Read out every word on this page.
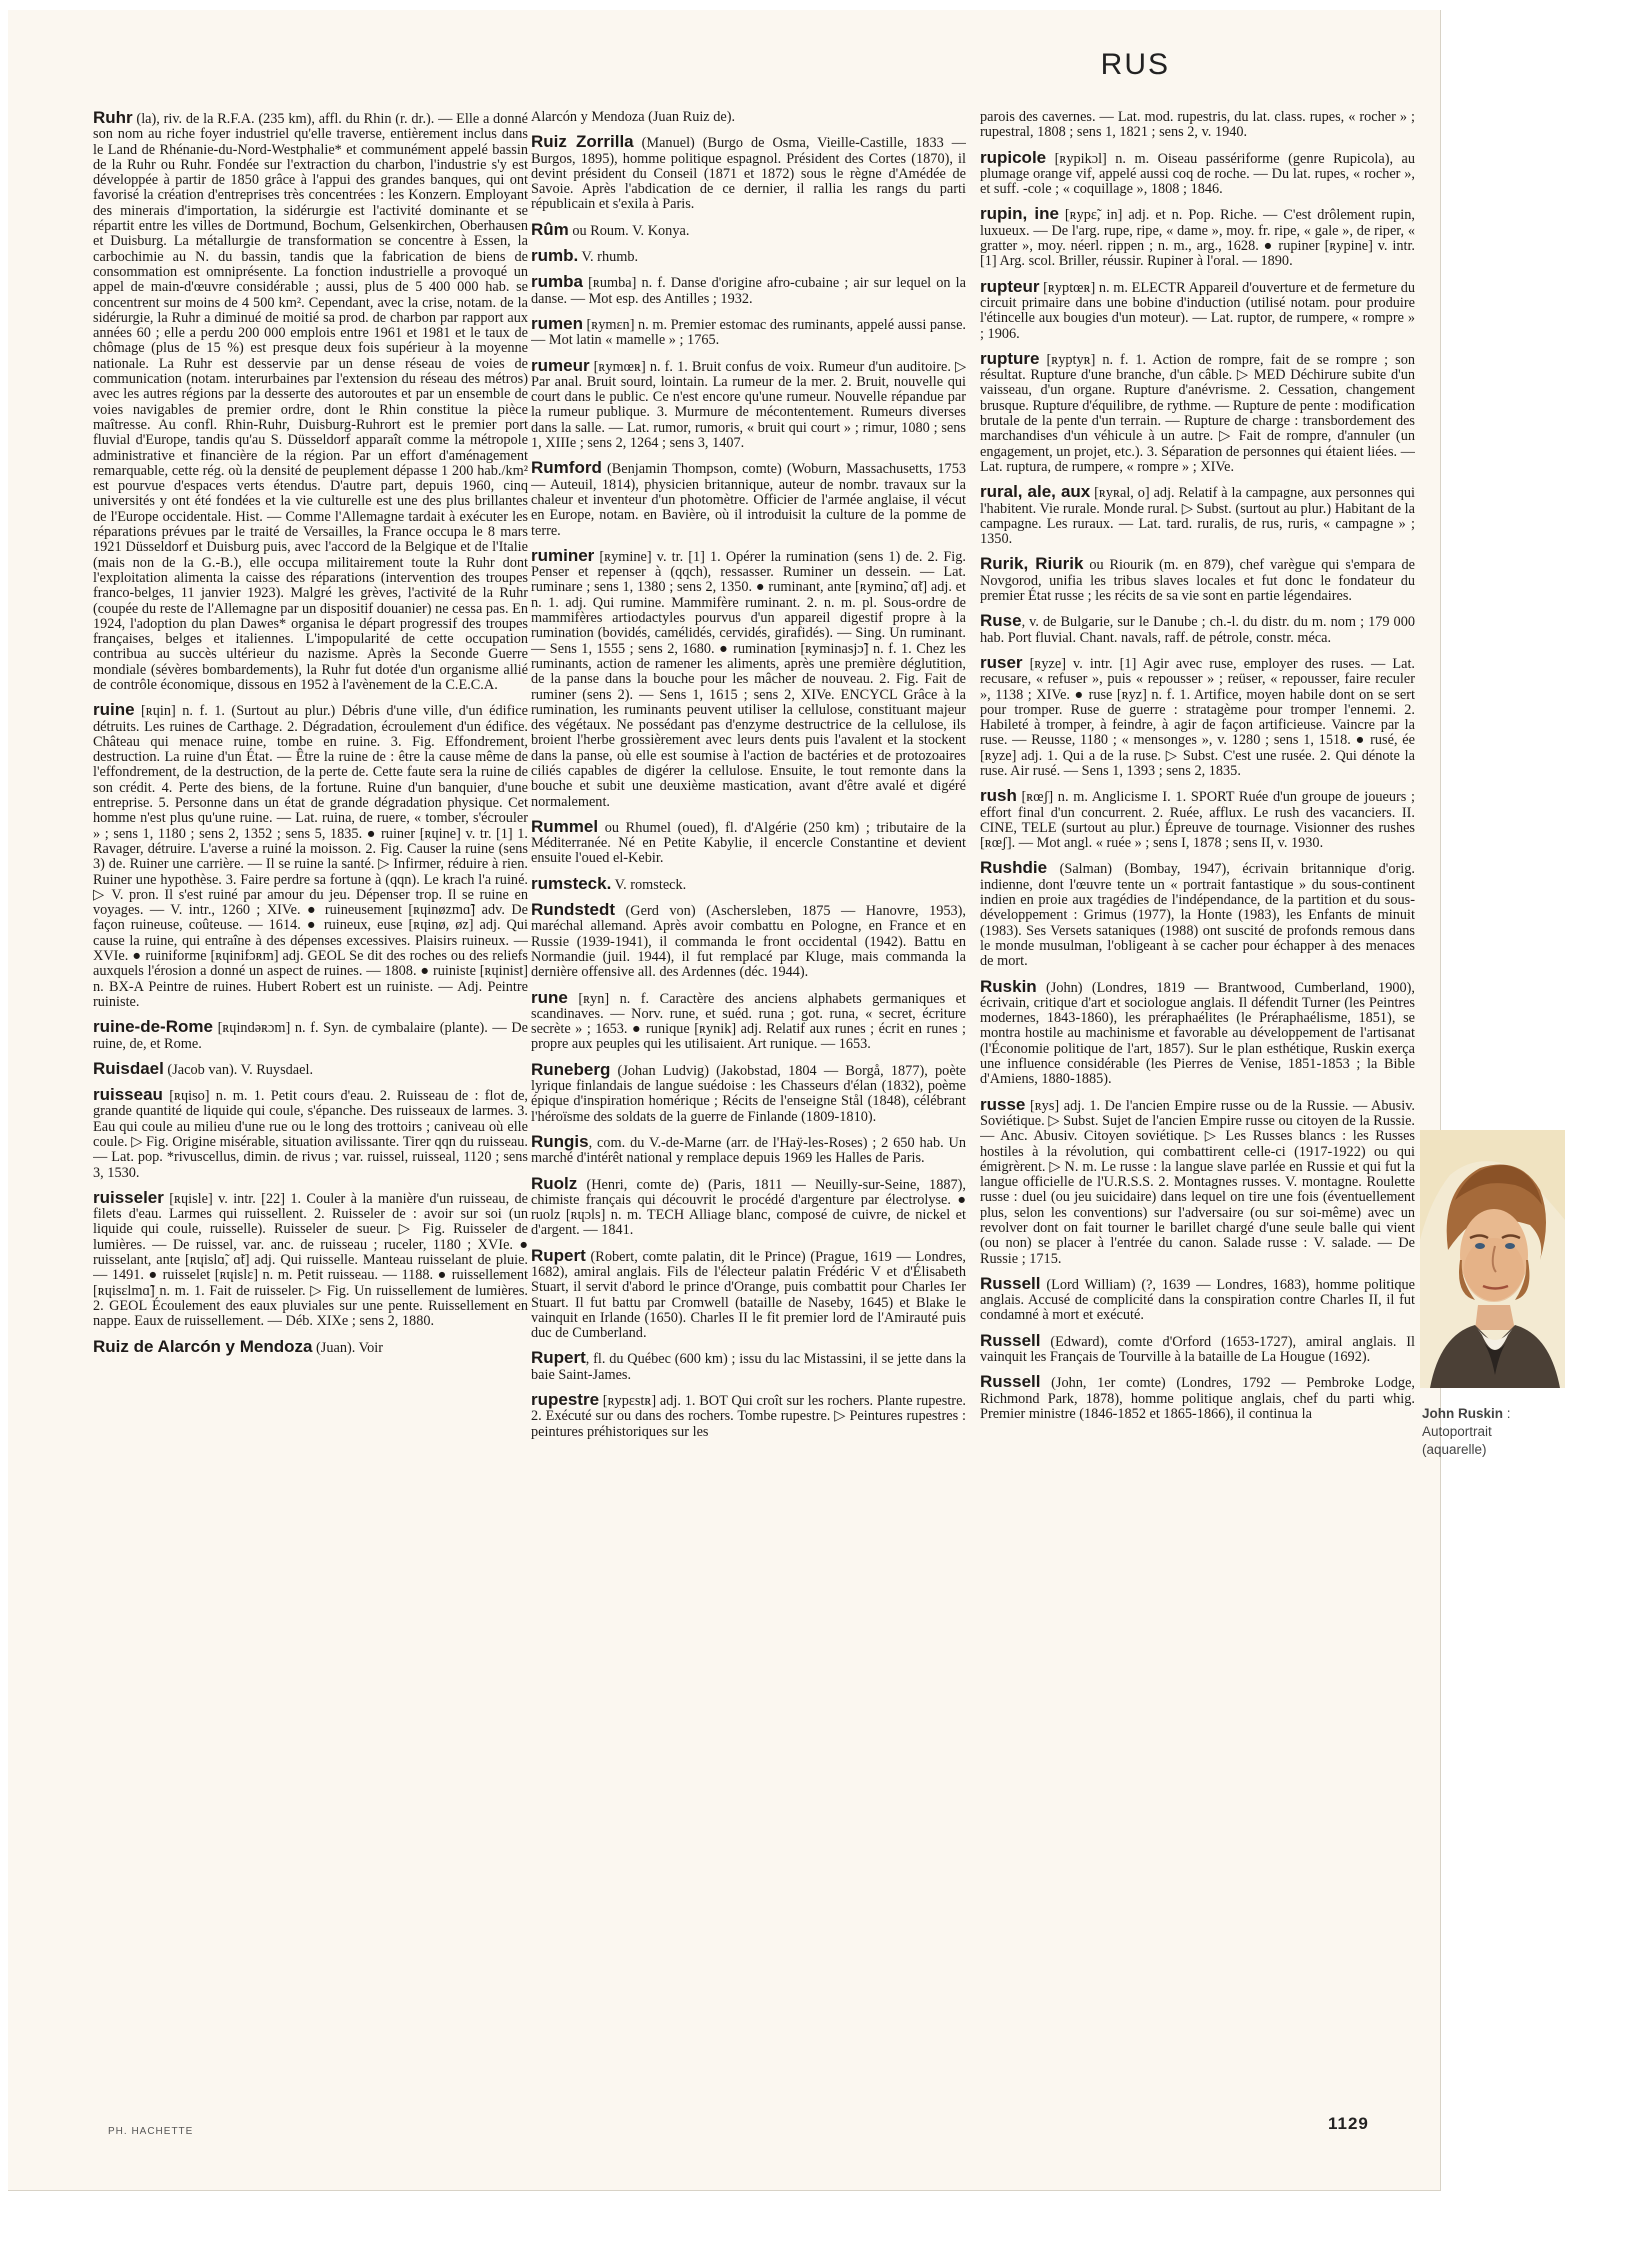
RUS

Ruhr (la), riv. de la R.F.A. (235 km), affl. du Rhin (r. dr.). — Elle a donné son nom au riche foyer industriel qu'elle traverse, entièrement inclus dans le Land de Rhénanie-du-Nord-Westphalie* et communément appelé bassin de la Ruhr ou Ruhr. Fondée sur l'extraction du charbon, l'industrie s'y est développée à partir de 1850 grâce à l'appui des grandes banques, qui ont favorisé la création d'entreprises très concentrées : les Konzern. Employant des minerais d'importation, la sidérurgie est l'activité dominante et se répartit entre les villes de Dortmund, Bochum, Gelsenkirchen, Oberhausen et Duisburg. La métallurgie de transformation se concentre à Essen, la carbochimie au N. du bassin, tandis que la fabrication de biens de consommation est omniprésente. La fonction industrielle a provoqué un appel de main-d'œuvre considérable ; aussi, plus de 5 400 000 hab. se concentrent sur moins de 4 500 km². Cependant, avec la crise, notam. de la sidérurgie, la Ruhr a diminué de moitié sa prod. de charbon par rapport aux années 60 ; elle a perdu 200 000 emplois entre 1961 et 1981 et le taux de chômage (plus de 15 %) est presque deux fois supérieur à la moyenne nationale. La Ruhr est desservie par un dense réseau de voies de communication (notam. interurbaines par l'extension du réseau des métros) avec les autres régions par la desserte des autoroutes et par un ensemble de voies navigables de premier ordre, dont le Rhin constitue la pièce maîtresse. Au confl. Rhin-Ruhr, Duisburg-Ruhrort est le premier port fluvial d'Europe, tandis qu'au S. Düsseldorf apparaît comme la métropole administrative et financière de la région. Par un effort d'aménagement remarquable, cette rég. où la densité de peuplement dépasse 1 200 hab./km² est pourvue d'espaces verts étendus. D'autre part, depuis 1960, cinq universités y ont été fondées et la vie culturelle est une des plus brillantes de l'Europe occidentale. Hist. — Comme l'Allemagne tardait à exécuter les réparations prévues par le traité de Versailles, la France occupa le 8 mars 1921 Düsseldorf et Duisburg puis, avec l'accord de la Belgique et de l'Italie (mais non de la G.-B.), elle occupa militairement toute la Ruhr dont l'exploitation alimenta la caisse des réparations (intervention des troupes franco-belges, 11 janvier 1923). Malgré les grèves, l'activité de la Ruhr (coupée du reste de l'Allemagne par un dispositif douanier) ne cessa pas. En 1924, l'adoption du plan Dawes* organisa le départ progressif des troupes françaises, belges et italiennes. L'impopularité de cette occupation contribua au succès ultérieur du nazisme. Après la Seconde Guerre mondiale (sévères bombardements), la Ruhr fut dotée d'un organisme allié de contrôle économique, dissous en 1952 à l'avènement de la C.E.C.A.

ruine [ʀɥin] n. f. 1. (Surtout au plur.) Débris d'une ville, d'un édifice détruits. Les ruines de Carthage. 2. Dégradation, écroulement d'un édifice. Château qui menace ruine, tombe en ruine. 3. Fig. Effondrement, destruction. La ruine d'un État. — Être la ruine de : être la cause même de l'effondrement, de la destruction, de la perte de. Cette faute sera la ruine de son crédit. 4. Perte des biens, de la fortune. Ruine d'un banquier, d'une entreprise. 5. Personne dans un état de grande dégradation physique. Cet homme n'est plus qu'une ruine. — Lat. ruina, de ruere, « tomber, s'écrouler » ; sens 1, 1180 ; sens 2, 1352 ; sens 5, 1835. ● ruiner [ʀɥine] v. tr. [1] 1. Ravager, détruire. L'averse a ruiné la moisson. 2. Fig. Causer la ruine (sens 3) de. Ruiner une carrière. — Il se ruine la santé. ▷ Infirmer, réduire à rien. Ruiner une hypothèse. 3. Faire perdre sa fortune à (qqn). Le krach l'a ruiné. ▷ V. pron. Il s'est ruiné par amour du jeu. Dépenser trop. Il se ruine en voyages. — V. intr., 1260 ; XIVe. ● ruineusement [ʀɥinøzmɑ̃] adv. De façon ruineuse, coûteuse. — 1614. ● ruineux, euse [ʀɥinø, øz] adj. Qui cause la ruine, qui entraîne à des dépenses excessives. Plaisirs ruineux. — XVIe. ● ruiniforme [ʀɥinifɔʀm] adj. GEOL Se dit des roches ou des reliefs auxquels l'érosion a donné un aspect de ruines. — 1808. ● ruiniste [ʀɥinist] n. BX-A Peintre de ruines. Hubert Robert est un ruiniste. — Adj. Peintre ruiniste.

ruine-de-Rome [ʀɥindəʀɔm] n. f. Syn. de cymbalaire (plante). — De ruine, de, et Rome.

Ruisdael (Jacob van). V. Ruysdael.

ruisseau [ʀɥiso] n. m. 1. Petit cours d'eau. 2. Ruisseau de : flot de, grande quantité de liquide qui coule, s'épanche. Des ruisseaux de larmes. 3. Eau qui coule au milieu d'une rue ou le long des trottoirs ; caniveau où elle coule. ▷ Fig. Origine misérable, situation avilissante. Tirer qqn du ruisseau. — Lat. pop. *rivuscellus, dimin. de rivus ; var. ruissel, ruisseal, 1120 ; sens 3, 1530.

ruisseler [ʀɥisle] v. intr. [22] 1. Couler à la manière d'un ruisseau, de filets d'eau. Larmes qui ruissellent. 2. Ruisseler de : avoir sur soi (un liquide qui coule, ruisselle). Ruisseler de sueur. ▷ Fig. Ruisseler de lumières. — De ruissel, var. anc. de ruisseau ; ruceler, 1180 ; XVIe. ● ruisselant, ante [ʀɥislɑ̃, ɑ̃t] adj. Qui ruisselle. Manteau ruisselant de pluie. — 1491. ● ruisselet [ʀɥislɛ] n. m. Petit ruisseau. — 1188. ● ruissellement [ʀɥisɛlmɑ̃] n. m. 1. Fait de ruisseler. ▷ Fig. Un ruissellement de lumières. 2. GEOL Écoulement des eaux pluviales sur une pente. Ruissellement en nappe. Eaux de ruissellement. — Déb. XIXe ; sens 2, 1880.

Ruiz de Alarcón y Mendoza (Juan). Voir

Alarcón y Mendoza (Juan Ruiz de).

Ruiz Zorrilla (Manuel) (Burgo de Osma, Vieille-Castille, 1833 — Burgos, 1895), homme politique espagnol. Président des Cortes (1870), il devint président du Conseil (1871 et 1872) sous le règne d'Amédée de Savoie. Après l'abdication de ce dernier, il rallia les rangs du parti républicain et s'exila à Paris.

Rûm ou Roum. V. Konya.

rumb. V. rhumb.

rumba [ʀumba] n. f. Danse d'origine afro-cubaine ; air sur lequel on la danse. — Mot esp. des Antilles ; 1932.

rumen [ʀymɛn] n. m. Premier estomac des ruminants, appelé aussi panse. — Mot latin « mamelle » ; 1765.

rumeur [ʀymœʀ] n. f. 1. Bruit confus de voix. Rumeur d'un auditoire. ▷ Par anal. Bruit sourd, lointain. La rumeur de la mer. 2. Bruit, nouvelle qui court dans le public. Ce n'est encore qu'une rumeur. Nouvelle répandue par la rumeur publique. 3. Murmure de mécontentement. Rumeurs diverses dans la salle. — Lat. rumor, rumoris, « bruit qui court » ; rimur, 1080 ; sens 1, XIIIe ; sens 2, 1264 ; sens 3, 1407.

Rumford (Benjamin Thompson, comte) (Woburn, Massachusetts, 1753 — Auteuil, 1814), physicien britannique, auteur de nombr. travaux sur la chaleur et inventeur d'un photomètre. Officier de l'armée anglaise, il vécut en Europe, notam. en Bavière, où il introduisit la culture de la pomme de terre.

ruminer [ʀymine] v. tr. [1] 1. Opérer la rumination (sens 1) de. 2. Fig. Penser et repenser à (qqch), ressasser. Ruminer un dessein. — Lat. ruminare ; sens 1, 1380 ; sens 2, 1350. ● ruminant, ante [ʀyminɑ̃, ɑ̃t] adj. et n. 1. adj. Qui rumine. Mammifère ruminant. 2. n. m. pl. Sous-ordre de mammifères artiodactyles pourvus d'un appareil digestif propre à la rumination (bovidés, camélidés, cervidés, girafidés). — Sing. Un ruminant. — Sens 1, 1555 ; sens 2, 1680. ● rumination [ʀyminasjɔ̃] n. f. 1. Chez les ruminants, action de ramener les aliments, après une première déglutition, de la panse dans la bouche pour les mâcher de nouveau. 2. Fig. Fait de ruminer (sens 2). — Sens 1, 1615 ; sens 2, XIVe. ENCYCL Grâce à la rumination, les ruminants peuvent utiliser la cellulose, constituant majeur des végétaux. Ne possédant pas d'enzyme destructrice de la cellulose, ils broient l'herbe grossièrement avec leurs dents puis l'avalent et la stockent dans la panse, où elle est soumise à l'action de bactéries et de protozoaires ciliés capables de digérer la cellulose. Ensuite, le tout remonte dans la bouche et subit une deuxième mastication, avant d'être avalé et digéré normalement.

Rummel ou Rhumel (oued), fl. d'Algérie (250 km) ; tributaire de la Méditerranée. Né en Petite Kabylie, il encercle Constantine et devient ensuite l'oued el-Kebir.

rumsteck. V. romsteck.

Rundstedt (Gerd von) (Aschersleben, 1875 — Hanovre, 1953), maréchal allemand. Après avoir combattu en Pologne, en France et en Russie (1939-1941), il commanda le front occidental (1942). Battu en Normandie (juil. 1944), il fut remplacé par Kluge, mais commanda la dernière offensive all. des Ardennes (déc. 1944).

rune [ʀyn] n. f. Caractère des anciens alphabets germaniques et scandinaves. — Norv. rune, et suéd. runa ; got. runa, « secret, écriture secrète » ; 1653. ● runique [ʀynik] adj. Relatif aux runes ; écrit en runes ; propre aux peuples qui les utilisaient. Art runique. — 1653.

Runeberg (Johan Ludvig) (Jakobstad, 1804 — Borgå, 1877), poète lyrique finlandais de langue suédoise : les Chasseurs d'élan (1832), poème épique d'inspiration homérique ; Récits de l'enseigne Stål (1848), célébrant l'héroïsme des soldats de la guerre de Finlande (1809-1810).

Rungis, com. du V.-de-Marne (arr. de l'Haÿ-les-Roses) ; 2 650 hab. Un marché d'intérêt national y remplace depuis 1969 les Halles de Paris.

Ruolz (Henri, comte de) (Paris, 1811 — Neuilly-sur-Seine, 1887), chimiste français qui découvrit le procédé d'argenture par électrolyse. ● ruolz [ʀɥɔls] n. m. TECH Alliage blanc, composé de cuivre, de nickel et d'argent. — 1841.

Rupert (Robert, comte palatin, dit le Prince) (Prague, 1619 — Londres, 1682), amiral anglais. Fils de l'électeur palatin Frédéric V et d'Élisabeth Stuart, il servit d'abord le prince d'Orange, puis combattit pour Charles Ier Stuart. Il fut battu par Cromwell (bataille de Naseby, 1645) et Blake le vainquit en Irlande (1650). Charles II le fit premier lord de l'Amirauté puis duc de Cumberland.

Rupert, fl. du Québec (600 km) ; issu du lac Mistassini, il se jette dans la baie Saint-James.

rupestre [ʀypɛstʀ] adj. 1. BOT Qui croît sur les rochers. Plante rupestre. 2. Exécuté sur ou dans des rochers. Tombe rupestre. ▷ Peintures rupestres : peintures préhistoriques sur les

parois des cavernes. — Lat. mod. rupestris, du lat. class. rupes, « rocher » ; rupestral, 1808 ; sens 1, 1821 ; sens 2, v. 1940.

rupicole [ʀypikɔl] n. m. Oiseau passériforme (genre Rupicola), au plumage orange vif, appelé aussi coq de roche. — Du lat. rupes, « rocher », et suff. -cole ; « coquillage », 1808 ; 1846.

rupin, ine [ʀypɛ̃, in] adj. et n. Pop. Riche. — C'est drôlement rupin, luxueux. — De l'arg. rupe, ripe, « dame », moy. fr. ripe, « gale », de riper, « gratter », moy. néerl. rippen ; n. m., arg., 1628. ● rupiner [ʀypine] v. intr. [1] Arg. scol. Briller, réussir. Rupiner à l'oral. — 1890.

rupteur [ʀyptœʀ] n. m. ELECTR Appareil d'ouverture et de fermeture du circuit primaire dans une bobine d'induction (utilisé notam. pour produire l'étincelle aux bougies d'un moteur). — Lat. ruptor, de rumpere, « rompre » ; 1906.

rupture [ʀyptyʀ] n. f. 1. Action de rompre, fait de se rompre ; son résultat. Rupture d'une branche, d'un câble. ▷ MED Déchirure subite d'un vaisseau, d'un organe. Rupture d'anévrisme. 2. Cessation, changement brusque. Rupture d'équilibre, de rythme. — Rupture de pente : modification brutale de la pente d'un terrain. — Rupture de charge : transbordement des marchandises d'un véhicule à un autre. ▷ Fait de rompre, d'annuler (un engagement, un projet, etc.). 3. Séparation de personnes qui étaient liées. — Lat. ruptura, de rumpere, « rompre » ; XIVe.

rural, ale, aux [ʀyʀal, o] adj. Relatif à la campagne, aux personnes qui l'habitent. Vie rurale. Monde rural. ▷ Subst. (surtout au plur.) Habitant de la campagne. Les ruraux. — Lat. tard. ruralis, de rus, ruris, « campagne » ; 1350.

Rurik, Riurik ou Riourik (m. en 879), chef varègue qui s'empara de Novgorod, unifia les tribus slaves locales et fut donc le fondateur du premier État russe ; les récits de sa vie sont en partie légendaires.

Ruse, v. de Bulgarie, sur le Danube ; ch.-l. du distr. du m. nom ; 179 000 hab. Port fluvial. Chant. navals, raff. de pétrole, constr. méca.

ruser [ʀyze] v. intr. [1] Agir avec ruse, employer des ruses. — Lat. recusare, « refuser », puis « repousser » ; reüser, « repousser, faire reculer », 1138 ; XIVe. ● ruse [ʀyz] n. f. 1. Artifice, moyen habile dont on se sert pour tromper. Ruse de guerre : stratagème pour tromper l'ennemi. 2. Habileté à tromper, à feindre, à agir de façon artificieuse. Vaincre par la ruse. — Reusse, 1180 ; « mensonges », v. 1280 ; sens 1, 1518. ● rusé, ée [ʀyze] adj. 1. Qui a de la ruse. ▷ Subst. C'est une rusée. 2. Qui dénote la ruse. Air rusé. — Sens 1, 1393 ; sens 2, 1835.

rush [ʀœʃ] n. m. Anglicisme I. 1. SPORT Ruée d'un groupe de joueurs ; effort final d'un concurrent. 2. Ruée, afflux. Le rush des vacanciers. II. CINE, TELE (surtout au plur.) Épreuve de tournage. Visionner des rushes [ʀœʃ]. — Mot angl. « ruée » ; sens I, 1878 ; sens II, v. 1930.

Rushdie (Salman) (Bombay, 1947), écrivain britannique d'orig. indienne, dont l'œuvre tente un « portrait fantastique » du sous-continent indien en proie aux tragédies de l'indépendance, de la partition et du sous-développement : Grimus (1977), la Honte (1983), les Enfants de minuit (1983). Ses Versets sataniques (1988) ont suscité de profonds remous dans le monde musulman, l'obligeant à se cacher pour échapper à des menaces de mort.

Ruskin (John) (Londres, 1819 — Brantwood, Cumberland, 1900), écrivain, critique d'art et sociologue anglais. Il défendit Turner (les Peintres modernes, 1843-1860), les préraphaélites (le Préraphaélisme, 1851), se montra hostile au machinisme et favorable au développement de l'artisanat (l'Économie politique de l'art, 1857). Sur le plan esthétique, Ruskin exerça une influence considérable (les Pierres de Venise, 1851-1853 ; la Bible d'Amiens, 1880-1885).

russe [ʀys] adj. 1. De l'ancien Empire russe ou de la Russie. — Abusiv. Soviétique. ▷ Subst. Sujet de l'ancien Empire russe ou citoyen de la Russie. — Anc. Abusiv. Citoyen soviétique. ▷ Les Russes blancs : les Russes hostiles à la révolution, qui combattirent celle-ci (1917-1922) ou qui émigrèrent. ▷ N. m. Le russe : la langue slave parlée en Russie et qui fut la langue officielle de l'U.R.S.S. 2. Montagnes russes. V. montagne. Roulette russe : duel (ou jeu suicidaire) dans lequel on tire une fois (éventuellement plus, selon les conventions) sur l'adversaire (ou sur soi-même) avec un revolver dont on fait tourner le barillet chargé d'une seule balle qui vient (ou non) se placer à l'entrée du canon. Salade russe : V. salade. — De Russie ; 1715.

Russell (Lord William) (?, 1639 — Londres, 1683), homme politique anglais. Accusé de complicité dans la conspiration contre Charles II, il fut condamné à mort et exécuté.

Russell (Edward), comte d'Orford (1653-1727), amiral anglais. Il vainquit les Français de Tourville à la bataille de La Hougue (1692).

Russell (John, 1er comte) (Londres, 1792 — Pembroke Lodge, Richmond Park, 1878), homme politique anglais, chef du parti whig. Premier ministre (1846-1852 et 1865-1866), il continua la

PH. HACHETTE	1129
John Ruskin :
Autoportrait
(aquarelle)
